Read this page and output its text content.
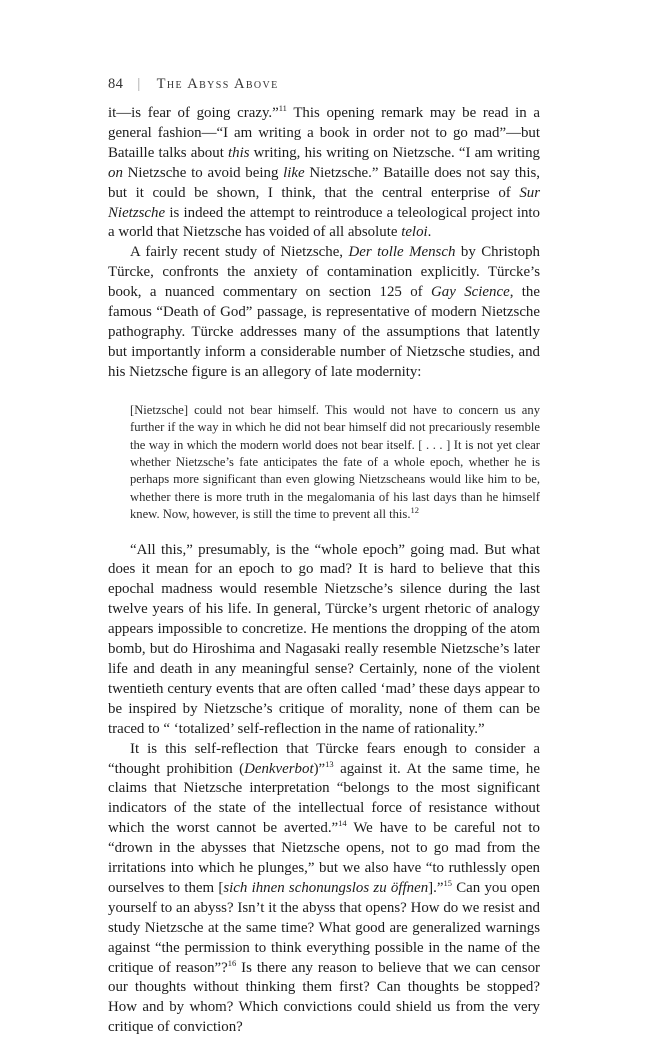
84 | The Abyss Above

it—is fear of going crazy.”$^{11}$ This opening remark may be read in a general fashion—“I am writing a book in order not to go mad”—but Bataille talks about this writing, his writing on Nietzsche. “I am writing on Nietzsche to avoid being like Nietzsche.” Bataille does not say this, but it could be shown, I think, that the central enterprise of Sur Nietzsche is indeed the attempt to reintroduce a teleological project into a world that Nietzsche has voided of all absolute teloi.

A fairly recent study of Nietzsche, Der tolle Mensch by Christoph Türcke, confronts the anxiety of contamination explicitly. Türcke’s book, a nuanced commentary on section 125 of Gay Science, the famous “Death of God” passage, is representative of modern Nietzsche pathography. Türcke addresses many of the assumptions that latently but importantly inform a considerable number of Nietzsche studies, and his Nietzsche figure is an allegory of late modernity:

[Nietzsche] could not bear himself. This would not have to concern us any further if the way in which he did not bear himself did not precariously resemble the way in which the modern world does not bear itself. [ . . . ] It is not yet clear whether Nietzsche’s fate anticipates the fate of a whole epoch, whether he is perhaps more significant than even glowing Nietzscheans would like him to be, whether there is more truth in the megalomania of his last days than he himself knew. Now, however, is still the time to prevent all this.$^{12}$

“All this,” presumably, is the “whole epoch” going mad. But what does it mean for an epoch to go mad? It is hard to believe that this epochal madness would resemble Nietzsche’s silence during the last twelve years of his life. In general, Türcke’s urgent rhetoric of analogy appears impossible to concretize. He mentions the dropping of the atom bomb, but do Hiroshima and Nagasaki really resemble Nietzsche’s later life and death in any meaningful sense? Certainly, none of the violent twentieth century events that are often called ‘mad’ these days appear to be inspired by Nietzsche’s critique of morality, none of them can be traced to “ ‘totalized’ self-reflection in the name of rationality.”

It is this self-reflection that Türcke fears enough to consider a “thought prohibition (Denkverbot)”$^{13}$ against it. At the same time, he claims that Nietzsche interpretation “belongs to the most significant indicators of the state of the intellectual force of resistance without which the worst cannot be averted.”$^{14}$ We have to be careful not to “drown in the abysses that Nietzsche opens, not to go mad from the irritations into which he plunges,” but we also have “to ruthlessly open ourselves to them [sich ihnen schonungslos zu öffnen].”$^{15}$ Can you open yourself to an abyss? Isn’t it the abyss that opens? How do we resist and study Nietzsche at the same time? What good are generalized warnings against “the permission to think everything possible in the name of the critique of reason”?$^{16}$ Is there any reason to believe that we can censor our thoughts without thinking them first? Can thoughts be stopped? How and by whom? Which convictions could shield us from the very critique of conviction?
